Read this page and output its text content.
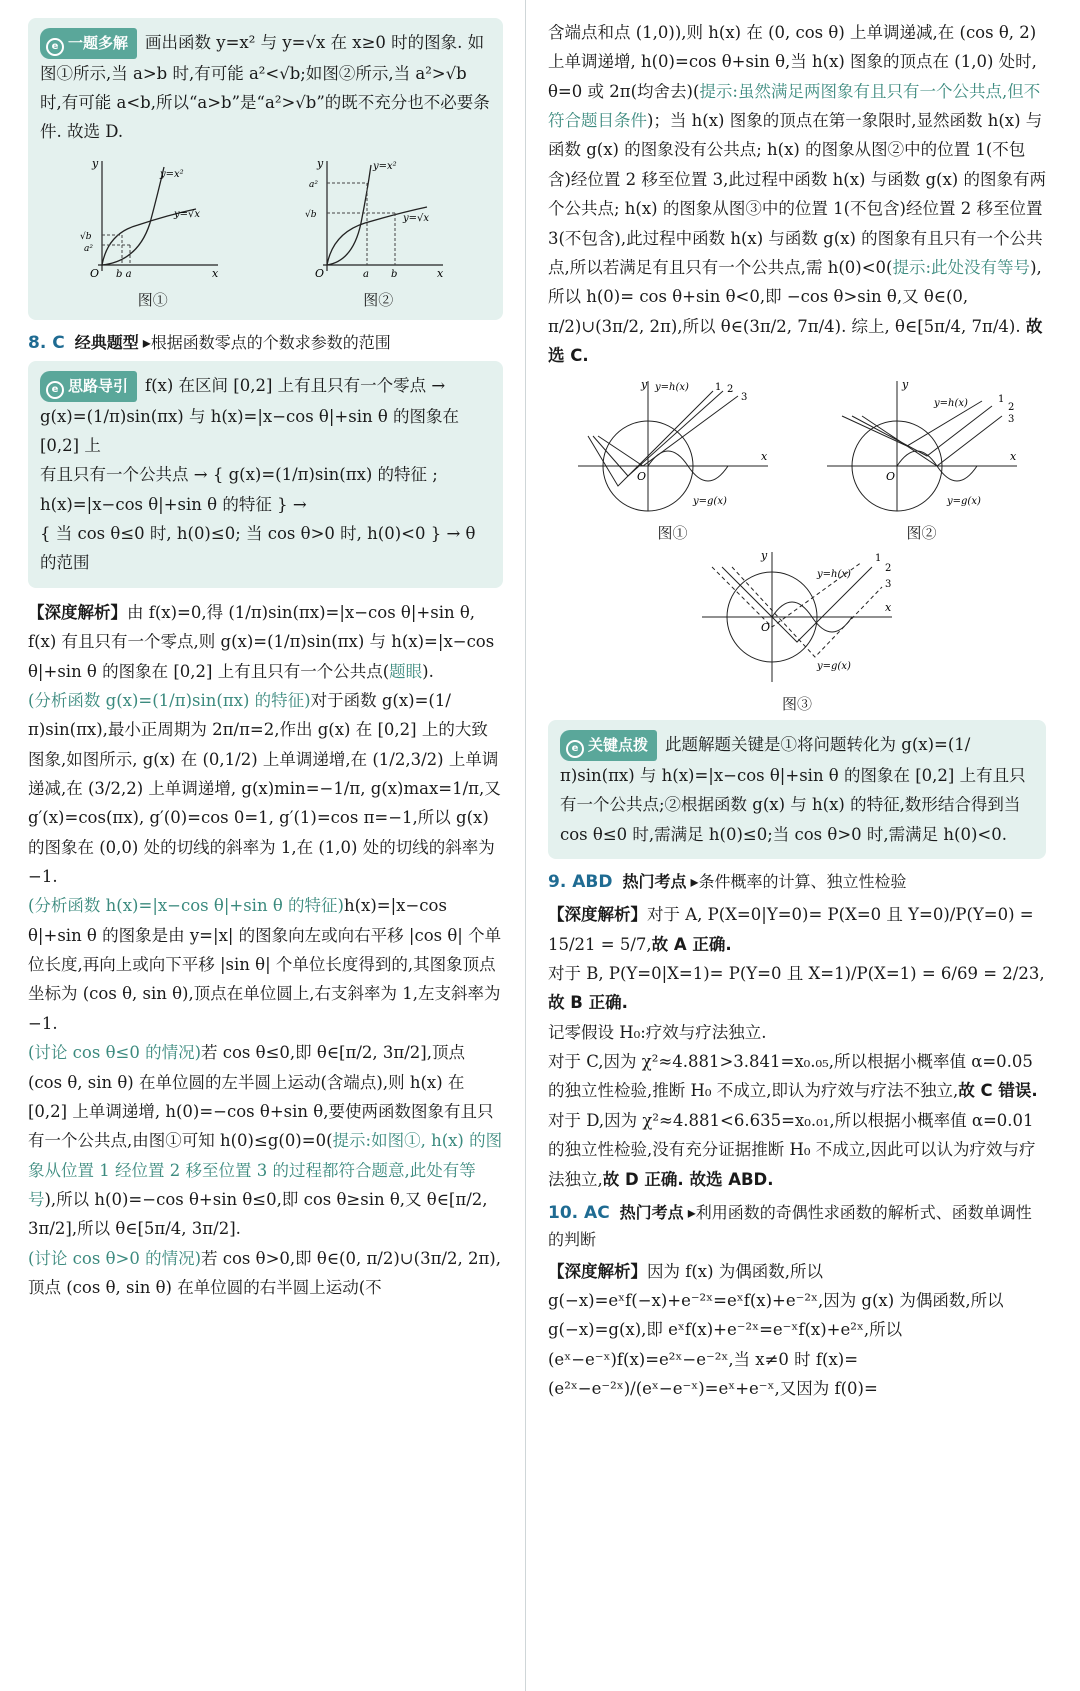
e 一题多解 画出函数 y=x² 与 y=√x 在 x≥0 时的图象. 如图①所示,当 a>b 时,有可能 a²<√b;如图②所示,当 a²>√b 时,有可能 a<b,所以“a>b”是“a²>√b”的既不充分也不必要条件. 故选 D.

y
x
O
y=x²
y=√x
√b
a²
b a
图①
y
x
O
y=x²
y=√x
√b
a²
a b
图②

8. C 经典题型 ▸根据函数零点的个数求参数的范围

e 思路导引 f(x) 在区间 [0,2] 上有且只有一个零点 →

g(x)=(1/π)sin(πx) 与 h(x)=|x−cos θ|+sin θ 的图象在 [0,2] 上

有且只有一个公共点 → { g(x)=(1/π)sin(πx) 的特征 ; h(x)=|x−cos θ|+sin θ 的特征 } →

{ 当 cos θ≤0 时, h(0)≤0; 当 cos θ>0 时, h(0)<0 } → θ 的范围

【深度解析】由 f(x)=0,得 (1/π)sin(πx)=|x−cos θ|+sin θ, f(x) 有且只有一个零点,则 g(x)=(1/π)sin(πx) 与 h(x)=|x−cos θ|+sin θ 的图象在 [0,2] 上有且只有一个公共点(题眼).

(分析函数 g(x)=(1/π)sin(πx) 的特征)对于函数 g(x)=(1/π)sin(πx),最小正周期为 2π/π=2,作出 g(x) 在 [0,2] 上的大致图象,如图所示, g(x) 在 (0,1/2) 上单调递增,在 (1/2,3/2) 上单调递减,在 (3/2,2) 上单调递增, g(x)min=−1/π, g(x)max=1/π,又 g′(x)=cos(πx), g′(0)=cos 0=1, g′(1)=cos π=−1,所以 g(x) 的图象在 (0,0) 处的切线的斜率为 1,在 (1,0) 处的切线的斜率为 −1.

(分析函数 h(x)=|x−cos θ|+sin θ 的特征)h(x)=|x−cos θ|+sin θ 的图象是由 y=|x| 的图象向左或向右平移 |cos θ| 个单位长度,再向上或向下平移 |sin θ| 个单位长度得到的,其图象顶点坐标为 (cos θ, sin θ),顶点在单位圆上,右支斜率为 1,左支斜率为 −1.

(讨论 cos θ≤0 的情况)若 cos θ≤0,即 θ∈[π/2, 3π/2],顶点 (cos θ, sin θ) 在单位圆的左半圆上运动(含端点),则 h(x) 在 [0,2] 上单调递增, h(0)=−cos θ+sin θ,要使两函数图象有且只有一个公共点,由图①可知 h(0)≤g(0)=0(提示:如图①, h(x) 的图象从位置 1 经位置 2 移至位置 3 的过程都符合题意,此处有等号),所以 h(0)=−cos θ+sin θ≤0,即 cos θ≥sin θ,又 θ∈[π/2, 3π/2],所以 θ∈[5π/4, 3π/2].

(讨论 cos θ>0 的情况)若 cos θ>0,即 θ∈(0, π/2)∪(3π/2, 2π),顶点 (cos θ, sin θ) 在单位圆的右半圆上运动(不

含端点和点 (1,0)),则 h(x) 在 (0, cos θ) 上单调递减,在 (cos θ, 2) 上单调递增, h(0)=cos θ+sin θ,当 h(x) 图象的顶点在 (1,0) 处时, θ=0 或 2π(均舍去)(提示:虽然满足两图象有且只有一个公共点,但不符合题目条件)；当 h(x) 图象的顶点在第一象限时,显然函数 h(x) 与函数 g(x) 的图象没有公共点; h(x) 的图象从图②中的位置 1(不包含)经位置 2 移至位置 3,此过程中函数 h(x) 与函数 g(x) 的图象有两个公共点; h(x) 的图象从图③中的位置 1(不包含)经位置 2 移至位置 3(不包含),此过程中函数 h(x) 与函数 g(x) 的图象有且只有一个公共点,所以若满足有且只有一个公共点,需 h(0)<0(提示:此处没有等号),所以 h(0)= cos θ+sin θ<0,即 −cos θ>sin θ,又 θ∈(0, π/2)∪(3π/2, 2π),所以 θ∈(3π/2, 7π/4). 综上, θ∈[5π/4, 7π/4). 故选 C.

y
x
O
y=h(x)
y=g(x)
1 2
3
图①
y
x
O
y=h(x)
y=g(x)
1
2
3
图②
y
x
O
y=h(x)
y=g(x)
1
2
3
图③

e 关键点拨 此题解题关键是①将问题转化为 g(x)=(1/π)sin(πx) 与 h(x)=|x−cos θ|+sin θ 的图象在 [0,2] 上有且只有一个公共点;②根据函数 g(x) 与 h(x) 的特征,数形结合得到当 cos θ≤0 时,需满足 h(0)≤0;当 cos θ>0 时,需满足 h(0)<0.

9. ABD 热门考点 ▸条件概率的计算、独立性检验

【深度解析】对于 A, P(X=0|Y=0)= P(X=0 且 Y=0)/P(Y=0) = 15/21 = 5/7,故 A 正确.

对于 B, P(Y=0|X=1)= P(Y=0 且 X=1)/P(X=1) = 6/69 = 2/23,故 B 正确.

记零假设 H₀:疗效与疗法独立.

对于 C,因为 χ²≈4.881>3.841=x₀.₀₅,所以根据小概率值 α=0.05 的独立性检验,推断 H₀ 不成立,即认为疗效与疗法不独立,故 C 错误.

对于 D,因为 χ²≈4.881<6.635=x₀.₀₁,所以根据小概率值 α=0.01 的独立性检验,没有充分证据推断 H₀ 不成立,因此可以认为疗效与疗法独立,故 D 正确. 故选 ABD.

10. AC 热门考点 ▸利用函数的奇偶性求函数的解析式、函数单调性的判断

【深度解析】因为 f(x) 为偶函数,所以 g(−x)=eˣf(−x)+e⁻²ˣ=eˣf(x)+e⁻²ˣ,因为 g(x) 为偶函数,所以 g(−x)=g(x),即 eˣf(x)+e⁻²ˣ=e⁻ˣf(x)+e²ˣ,所以 (eˣ−e⁻ˣ)f(x)=e²ˣ−e⁻²ˣ,当 x≠0 时 f(x)=(e²ˣ−e⁻²ˣ)/(eˣ−e⁻ˣ)=eˣ+e⁻ˣ,又因为 f(0)=
